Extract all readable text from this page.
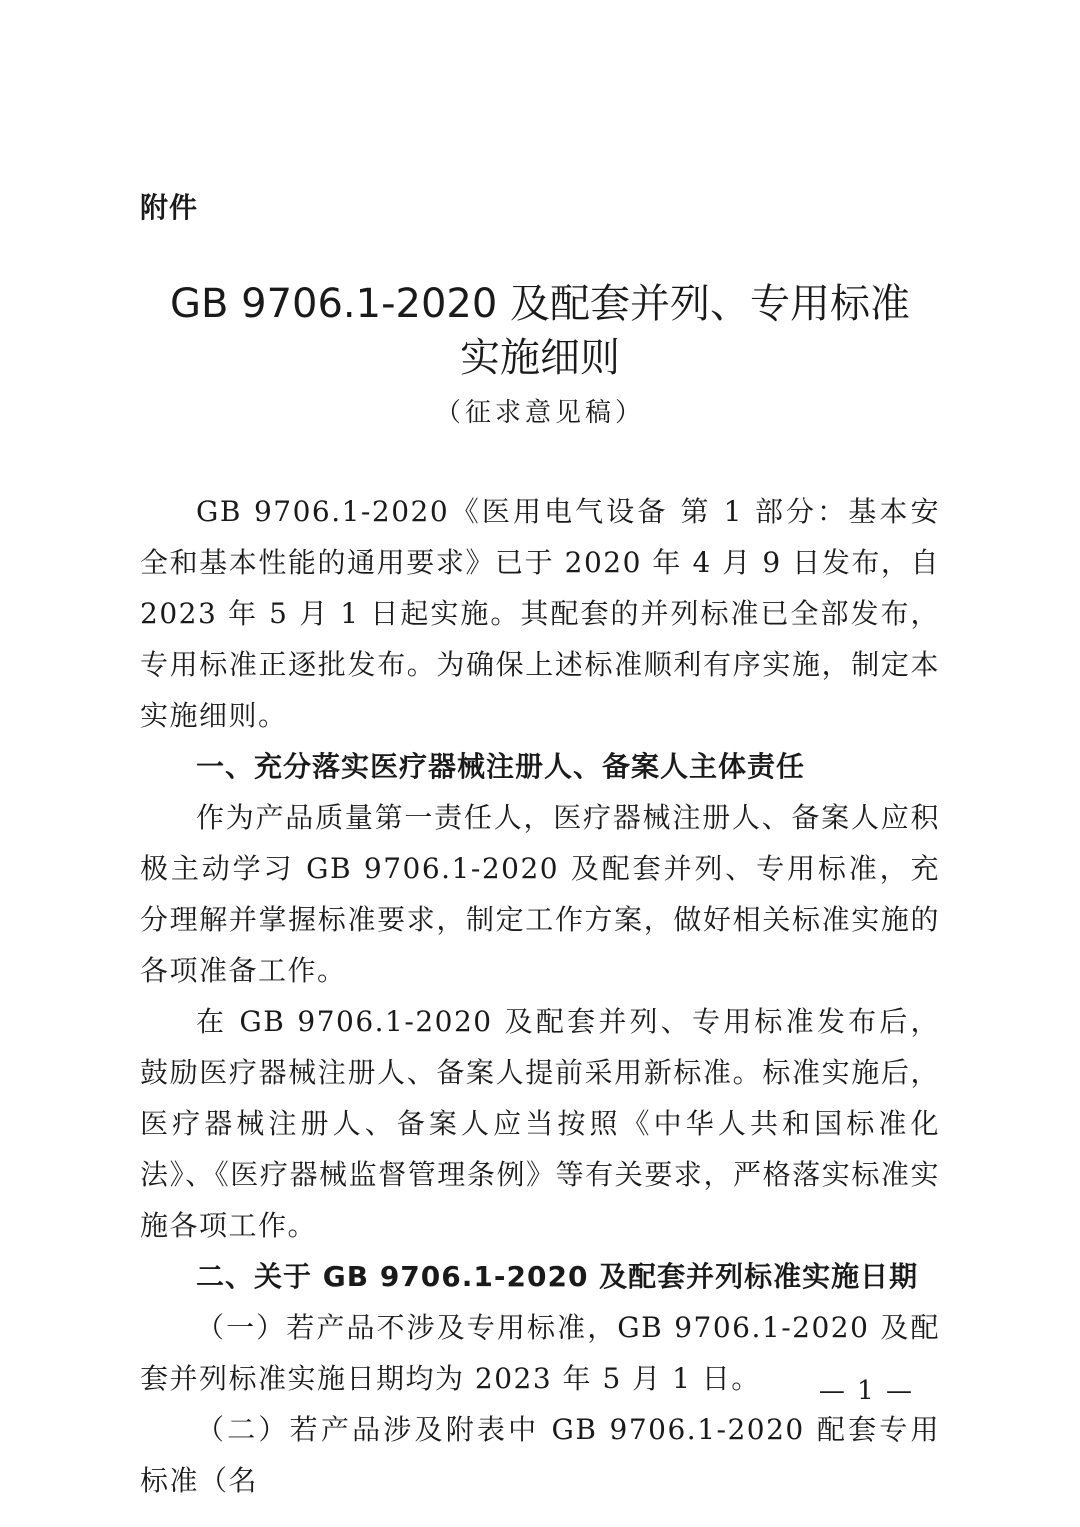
附件
GB 9706.1-2020 及配套并列、专用标准
实施细则
（征求意见稿）

GB 9706.1-2020《医用电气设备 第 1 部分：基本安全和基本性能的通用要求》已于 2020 年 4 月 9 日发布，自 2023 年 5 月 1 日起实施。其配套的并列标准已全部发布，专用标准正逐批发布。为确保上述标准顺利有序实施，制定本实施细则。

一、充分落实医疗器械注册人、备案人主体责任

作为产品质量第一责任人，医疗器械注册人、备案人应积极主动学习 GB 9706.1-2020 及配套并列、专用标准，充分理解并掌握标准要求，制定工作方案，做好相关标准实施的各项准备工作。

在 GB 9706.1-2020 及配套并列、专用标准发布后，鼓励医疗器械注册人、备案人提前采用新标准。标准实施后，医疗器械注册人、备案人应当按照《中华人共和国标准化法》、《医疗器械监督管理条例》等有关要求，严格落实标准实施各项工作。

二、关于 GB 9706.1-2020 及配套并列标准实施日期

（一）若产品不涉及专用标准，GB 9706.1-2020 及配套并列标准实施日期均为 2023 年 5 月 1 日。

（二）若产品涉及附表中 GB 9706.1-2020 配套专用标准（名

— 1 —
